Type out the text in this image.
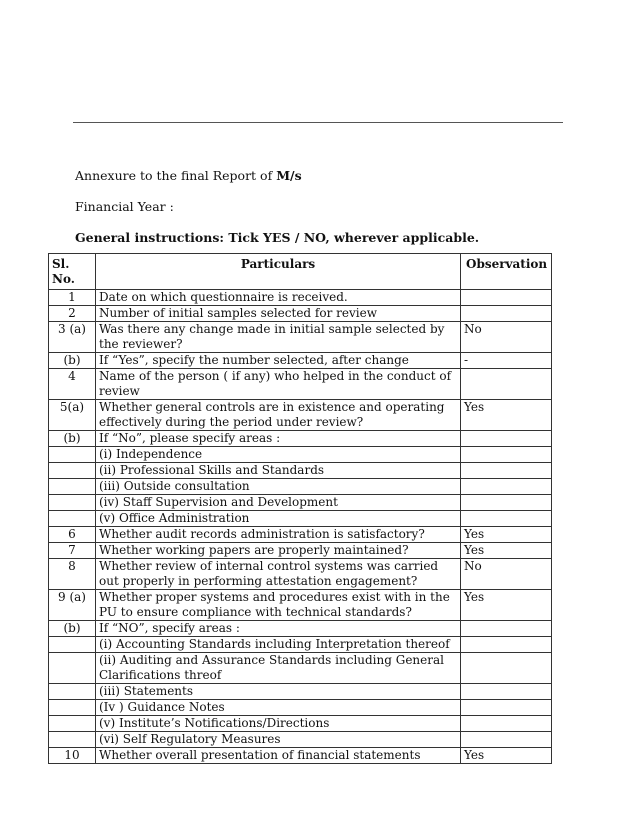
Annexure to the final Report of M/s
Financial Year :
General instructions: Tick YES / NO, wherever applicable.
Sl. No.	Particulars	Observation
1	Date on which questionnaire is received.	
2	Number of initial samples selected for review	
3 (a)	Was there any change made in initial sample selected by the reviewer?	No
(b)	If “Yes”, specify the number selected, after change	-
4	Name of the person ( if any) who helped in the conduct of review	
5(a)	Whether general controls are in existence and operating effectively during the period under review?	Yes
(b)	If “No”, please specify areas :	
	(i) Independence	
	(ii) Professional Skills and Standards	
	(iii) Outside consultation	
	(iv) Staff Supervision and Development	
	(v) Office Administration	
6	Whether audit records administration is satisfactory?	Yes
7	Whether working papers are properly maintained?	Yes
8	Whether review of internal control systems was carried out properly in performing attestation engagement?	No
9 (a)	Whether proper systems and procedures exist with in the PU to ensure compliance with technical standards?	Yes
(b)	If “NO”, specify areas :	
	(i) Accounting Standards including Interpretation thereof	
	(ii) Auditing and Assurance Standards including General Clarifications threof	
	(iii) Statements	
	(Iv ) Guidance Notes	
	(v) Institute’s Notifications/Directions	
	(vi) Self Regulatory Measures	
10	Whether overall presentation of financial statements	Yes
